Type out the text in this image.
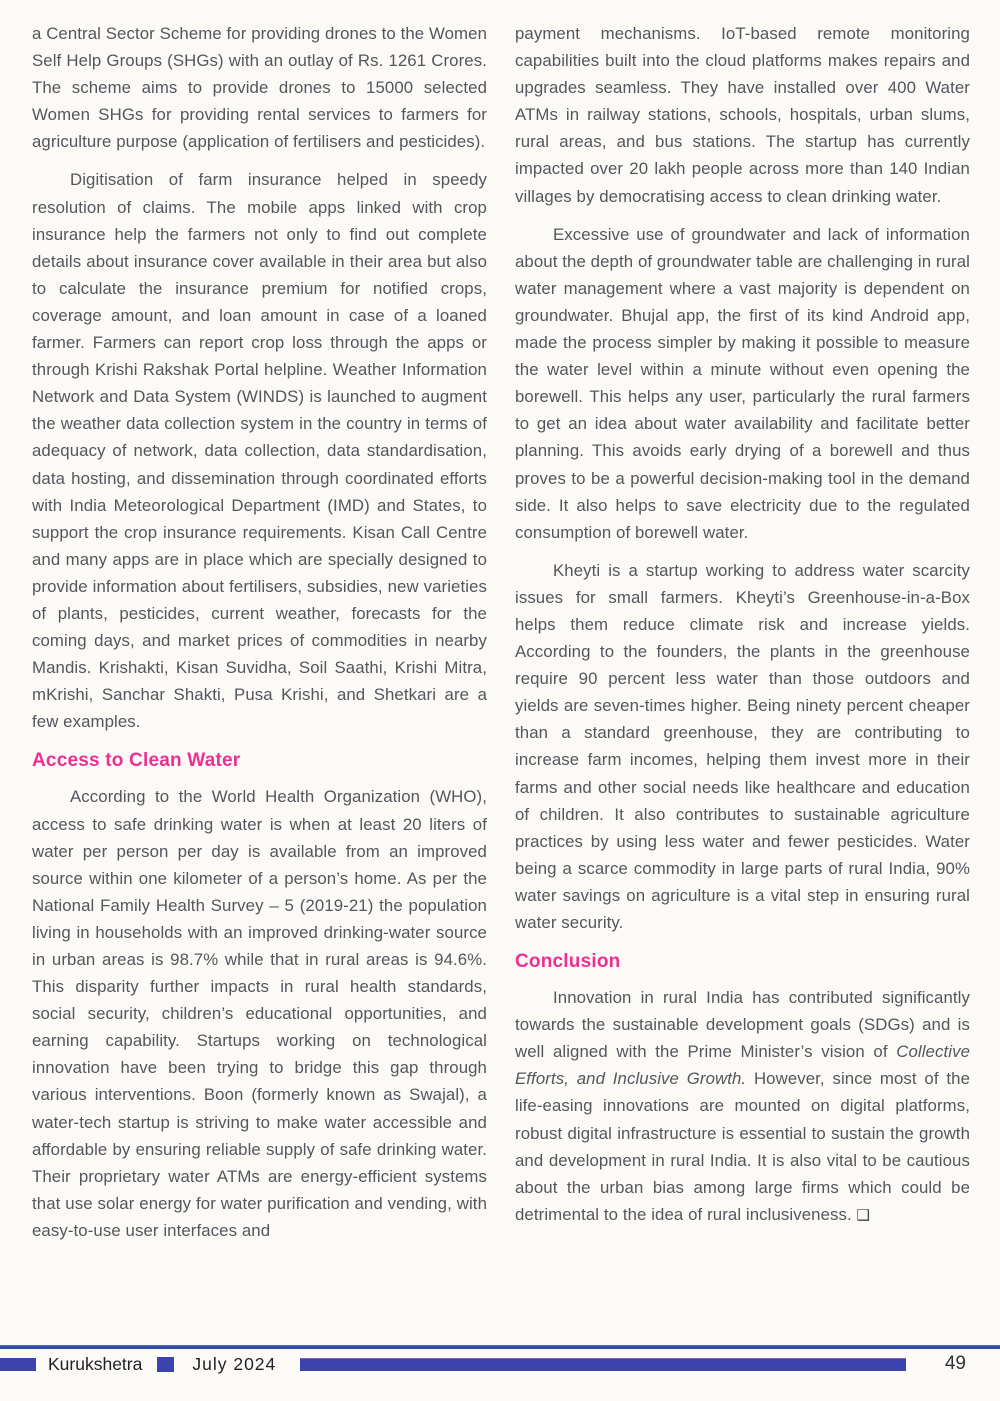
a Central Sector Scheme for providing drones to the Women Self Help Groups (SHGs) with an outlay of Rs. 1261 Crores. The scheme aims to provide drones to 15000 selected Women SHGs for providing rental services to farmers for agriculture purpose (application of fertilisers and pesticides).

Digitisation of farm insurance helped in speedy resolution of claims. The mobile apps linked with crop insurance help the farmers not only to find out complete details about insurance cover available in their area but also to calculate the insurance premium for notified crops, coverage amount, and loan amount in case of a loaned farmer. Farmers can report crop loss through the apps or through Krishi Rakshak Portal helpline. Weather Information Network and Data System (WINDS) is launched to augment the weather data collection system in the country in terms of adequacy of network, data collection, data standardisation, data hosting, and dissemination through coordinated efforts with India Meteorological Department (IMD) and States, to support the crop insurance requirements. Kisan Call Centre and many apps are in place which are specially designed to provide information about fertilisers, subsidies, new varieties of plants, pesticides, current weather, forecasts for the coming days, and market prices of commodities in nearby Mandis. Krishakti, Kisan Suvidha, Soil Saathi, Krishi Mitra, mKrishi, Sanchar Shakti, Pusa Krishi, and Shetkari are a few examples.

Access to Clean Water

According to the World Health Organization (WHO), access to safe drinking water is when at least 20 liters of water per person per day is available from an improved source within one kilometer of a person’s home. As per the National Family Health Survey – 5 (2019-21) the population living in households with an improved drinking-water source in urban areas is 98.7% while that in rural areas is 94.6%. This disparity further impacts in rural health standards, social security, children’s educational opportunities, and earning capability. Startups working on technological innovation have been trying to bridge this gap through various interventions. Boon (formerly known as Swajal), a water-tech startup is striving to make water accessible and affordable by ensuring reliable supply of safe drinking water. Their proprietary water ATMs are energy-efficient systems that use solar energy for water purification and vending, with easy-to-use user interfaces and

payment mechanisms. IoT-based remote monitoring capabilities built into the cloud platforms makes repairs and upgrades seamless. They have installed over 400 Water ATMs in railway stations, schools, hospitals, urban slums, rural areas, and bus stations. The startup has currently impacted over 20 lakh people across more than 140 Indian villages by democratising access to clean drinking water.

Excessive use of groundwater and lack of information about the depth of groundwater table are challenging in rural water management where a vast majority is dependent on groundwater. Bhujal app, the first of its kind Android app, made the process simpler by making it possible to measure the water level within a minute without even opening the borewell. This helps any user, particularly the rural farmers to get an idea about water availability and facilitate better planning. This avoids early drying of a borewell and thus proves to be a powerful decision-making tool in the demand side. It also helps to save electricity due to the regulated consumption of borewell water.

Kheyti is a startup working to address water scarcity issues for small farmers. Kheyti’s Greenhouse-in-a-Box helps them reduce climate risk and increase yields. According to the founders, the plants in the greenhouse require 90 percent less water than those outdoors and yields are seven-times higher. Being ninety percent cheaper than a standard greenhouse, they are contributing to increase farm incomes, helping them invest more in their farms and other social needs like healthcare and education of children. It also contributes to sustainable agriculture practices by using less water and fewer pesticides. Water being a scarce commodity in large parts of rural India, 90% water savings on agriculture is a vital step in ensuring rural water security.

Conclusion

Innovation in rural India has contributed significantly towards the sustainable development goals (SDGs) and is well aligned with the Prime Minister’s vision of Collective Efforts, and Inclusive Growth. However, since most of the life-easing innovations are mounted on digital platforms, robust digital infrastructure is essential to sustain the growth and development in rural India. It is also vital to be cautious about the urban bias among large firms which could be detrimental to the idea of rural inclusiveness. ❑

Kurukshetra	July 2024	49
